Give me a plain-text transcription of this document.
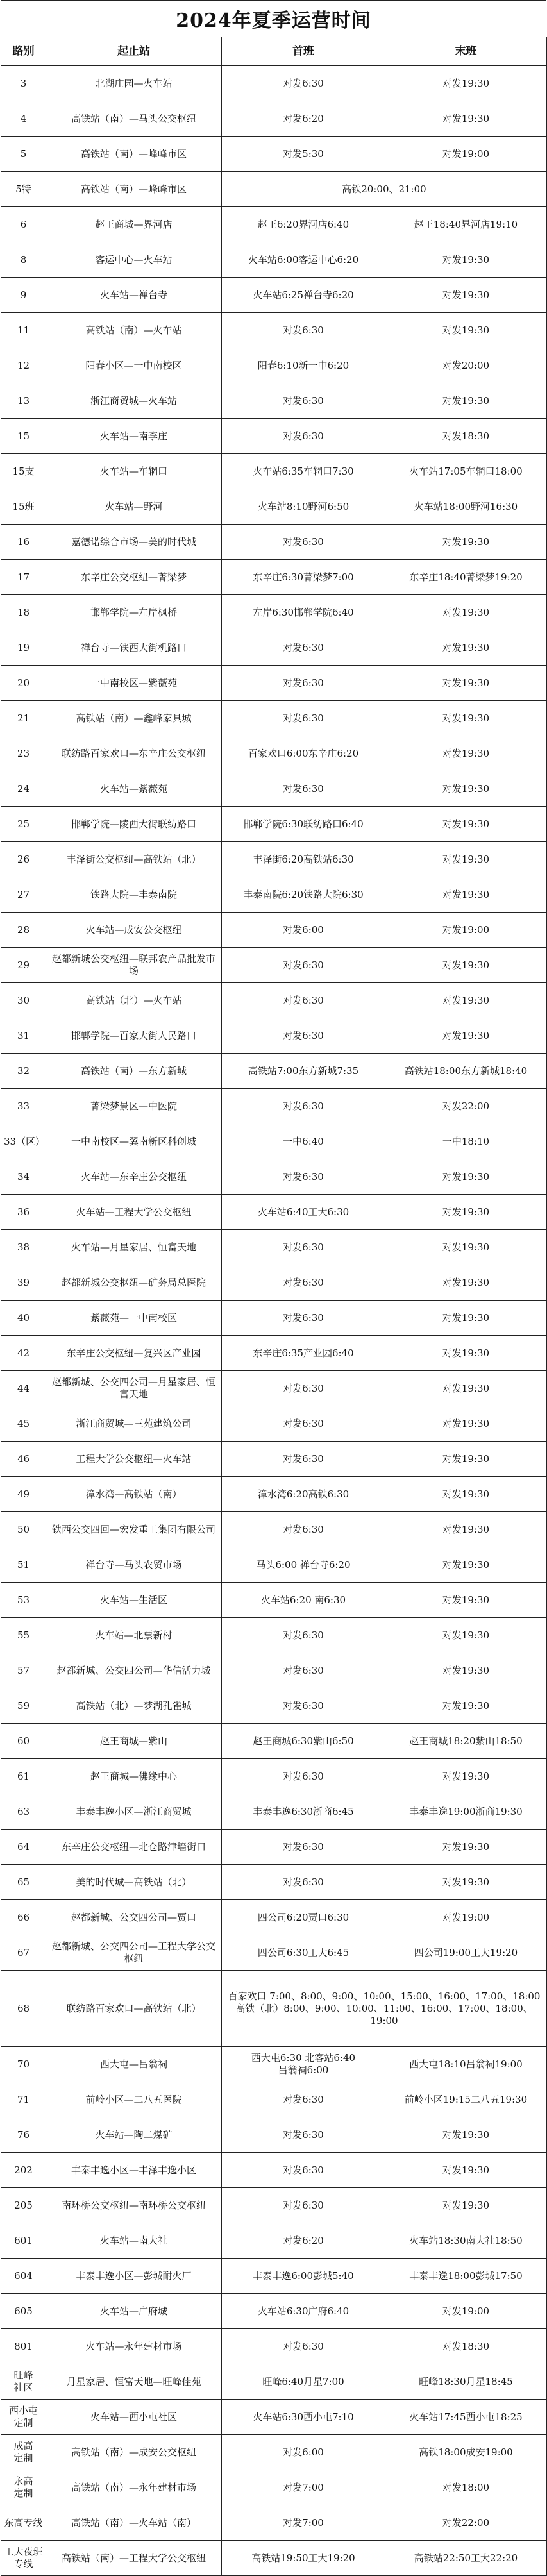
2024年夏季运营时间
路别	起止站	首班	末班
3	北湖庄园—火车站	对发6:30	对发19:30
4	高铁站（南）—马头公交枢纽	对发6:20	对发19:30
5	高铁站（南）—峰峰市区	对发5:30	对发19:00
5特	高铁站（南）—峰峰市区	高铁20:00、21:00	
6	赵王商城—界河店	赵王6:20界河店6:40	赵王18:40界河店19:10
8	客运中心—火车站	火车站6:00客运中心6:20	对发19:30
9	火车站—禅台寺	火车站6:25禅台寺6:20	对发19:30
11	高铁站（南）—火车站	对发6:30	对发19:30
12	阳春小区—一中南校区	阳春6:10新一中6:20	对发20:00
13	浙江商贸城—火车站	对发6:30	对发19:30
15	火车站—南李庄	对发6:30	对发18:30
15支	火车站—车辋口	火车站6:35车辋口7:30	火车站17:05车辋口18:00
15班	火车站—野河	火车站8:10野河6:50	火车站18:00野河16:30
16	嘉德诺综合市场—美的时代城	对发6:30	对发19:30
17	东辛庄公交枢纽—菁梁梦	东辛庄6:30菁梁梦7:00	东辛庄18:40菁梁梦19:20
18	邯郸学院—左岸枫桥	左岸6:30邯郸学院6:40	对发19:30
19	禅台寺—铁西大街机路口	对发6:30	对发19:30
20	一中南校区—紫薇苑	对发6:30	对发19:30
21	高铁站（南）—鑫峰家具城	对发6:30	对发19:30
23	联纺路百家欢口—东辛庄公交枢纽	百家欢口6:00东辛庄6:20	对发19:30
24	火车站—紫薇苑	对发6:30	对发19:30
25	邯郸学院—陵西大街联纺路口	邯郸学院6:30联纺路口6:40	对发19:30
26	丰泽街公交枢纽—高铁站（北）	丰泽街6:20高铁站6:30	对发19:30
27	铁路大院—丰泰南院	丰泰南院6:20铁路大院6:30	对发19:30
28	火车站—成安公交枢纽	对发6:00	对发19:00
29	赵都新城公交枢纽—联邦农产品批发市场	对发6:30	对发19:30
30	高铁站（北）—火车站	对发6:30	对发19:30
31	邯郸学院—百家大街人民路口	对发6:30	对发19:30
32	高铁站（南）—东方新城	高铁站7:00东方新城7:35	高铁站18:00东方新城18:40
33	菁梁梦景区—中医院	对发6:30	对发22:00
33（区）	一中南校区—翼南新区科创城	一中6:40	一中18:10
34	火车站—东辛庄公交枢纽	对发6:30	对发19:30
36	火车站—工程大学公交枢纽	火车站6:40工大6:30	对发19:30
38	火车站—月星家居、恒富天地	对发6:30	对发19:30
39	赵都新城公交枢纽—矿务局总医院	对发6:30	对发19:30
40	紫薇苑—一中南校区	对发6:30	对发19:30
42	东辛庄公交枢纽—复兴区产业园	东辛庄6:35产业园6:40	对发19:30
44	赵都新城、公交四公司—月星家居、恒富天地	对发6:30	对发19:30
45	浙江商贸城—三苑建筑公司	对发6:30	对发19:30
46	工程大学公交枢纽—火车站	对发6:30	对发19:30
49	漳水湾—高铁站（南）	漳水湾6:20高铁6:30	对发19:30
50	铁西公交四回—宏发重工集团有限公司	对发6:30	对发19:30
51	禅台寺—马头农贸市场	马头6:00 禅台寺6:20	对发19:30
53	火车站—生活区	火车站6:20 南6:30	对发19:30
55	火车站—北票新村	对发6:30	对发19:30
57	赵都新城、公交四公司—华信活力城	对发6:30	对发19:30
59	高铁站（北）—梦湖孔雀城	对发6:30	对发19:30
60	赵王商城—紫山	赵王商城6:30紫山6:50	赵王商城18:20紫山18:50
61	赵王商城—佛缘中心	对发6:30	对发19:30
63	丰泰丰逸小区—浙江商贸城	丰泰丰逸6:30浙商6:45	丰泰丰逸19:00浙商19:30
64	东辛庄公交枢纽—北仓路津墙街口	对发6:30	对发19:30
65	美的时代城—高铁站（北）	对发6:30	对发19:30
66	赵都新城、公交四公司—贾口	四公司6:20贾口6:30	对发19:00
67	赵都新城、公交四公司—工程大学公交枢纽	四公司6:30工大6:45	四公司19:00工大19:20
68	联纺路百家欢口—高铁站（北）	百家欢口 7:00、8:00、9:00、10:00、15:00、16:00、17:00、18:00
高铁（北）8:00、9:00、10:00、11:00、16:00、17:00、18:00、19:00	
70	西大屯—吕翁祠	西大屯6:30 北客站6:40
吕翁祠6:00	西大屯18:10吕翁祠19:00
71	前岭小区—二八五医院	对发6:30	前岭小区19:15二八五19:30
76	火车站—陶二煤矿	对发6:30	对发19:30
202	丰泰丰逸小区—丰泽丰逸小区	对发6:30	对发19:30
205	南环桥公交枢纽—南环桥公交枢纽	对发6:30	对发19:30
601	火车站—南大社	对发6:20	火车站18:30南大社18:50
604	丰泰丰逸小区—彭城耐火厂	丰泰丰逸6:00彭城5:40	丰泰丰逸18:00彭城17:50
605	火车站—广府城	火车站6:30广府6:40	对发19:00
801	火车站—永年建材市场	对发6:30	对发18:30
旺峰
社区	月星家居、恒富天地—旺峰佳苑	旺峰6:40月星7:00	旺峰18:30月星18:45
西小屯
定制	火车站—西小屯社区	火车站6:30西小屯7:10	火车站17:45西小屯18:25
成高
定制	高铁站（南）—成安公交枢纽	对发6:00	高铁18:00成安19:00
永高
定制	高铁站（南）—永年建材市场	对发7:00	对发18:00
东高专线	高铁站（南）—火车站（南）	对发7:00	对发22:00
工大夜班
专线	高铁站（南）—工程大学公交枢纽	高铁站19:50工大19:20	高铁站22:50工大22:20
